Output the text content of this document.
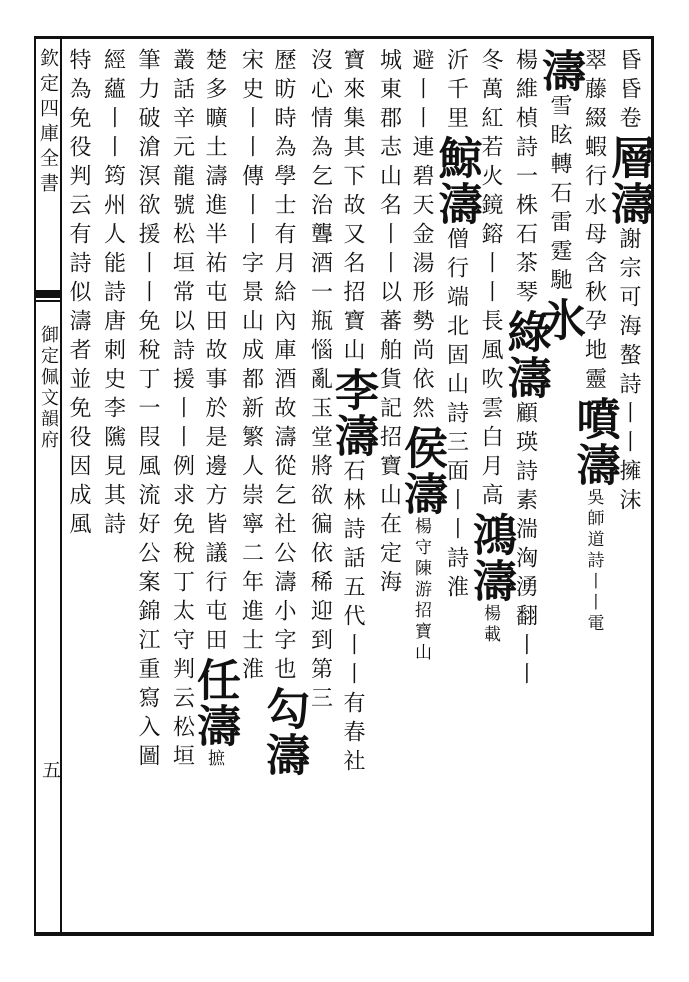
欽定四庫全書
御定佩文韻府
五
昏昏卷層濤謝宗可海螯詩丨丨擁沫
翠藤綴蝦行水母含秋孕地靈噴濤吳師道詩丨丨電
濤雪眩轉石雷霆馳氷
楊維楨詩一株石茶琴綠濤顧瑛詩素湍洶湧翻丨丨
冬萬紅若火鏡鎔丨丨長風吹雲白月高鴻濤楊載
沂千里鯨濤僧行端北固山詩三面丨丨詩淮
避丨丨連碧天金湯形勢尚依然侯濤楊守陳游招寶山
城東郡志山名丨丨以蕃舶貨記招寶山在定海
寶來集其下故又名招寶山李濤石林詩話五代丨丨有春社
沒心情為乞治聾酒一瓶惱亂玉堂將欲徧依稀迎到第三
歷昉時為學士有月給內庫酒故濤從乞社公濤小字也勾濤
宋史丨丨傳丨丨字景山成都新繁人崇寧二年進士淮
楚多曠土濤進半祐屯田故事於是邊方皆議行屯田任濤摭
叢話辛元龍號松垣常以詩援丨丨例求免稅丁太守判云松垣
筆力破滄溟欲援丨丨免稅丁一叚風流好公案錦江重寫入圖
經蘊丨丨筠州人能詩唐刺史李隲見其詩
特為免役判云有詩似濤者並免役因成風
